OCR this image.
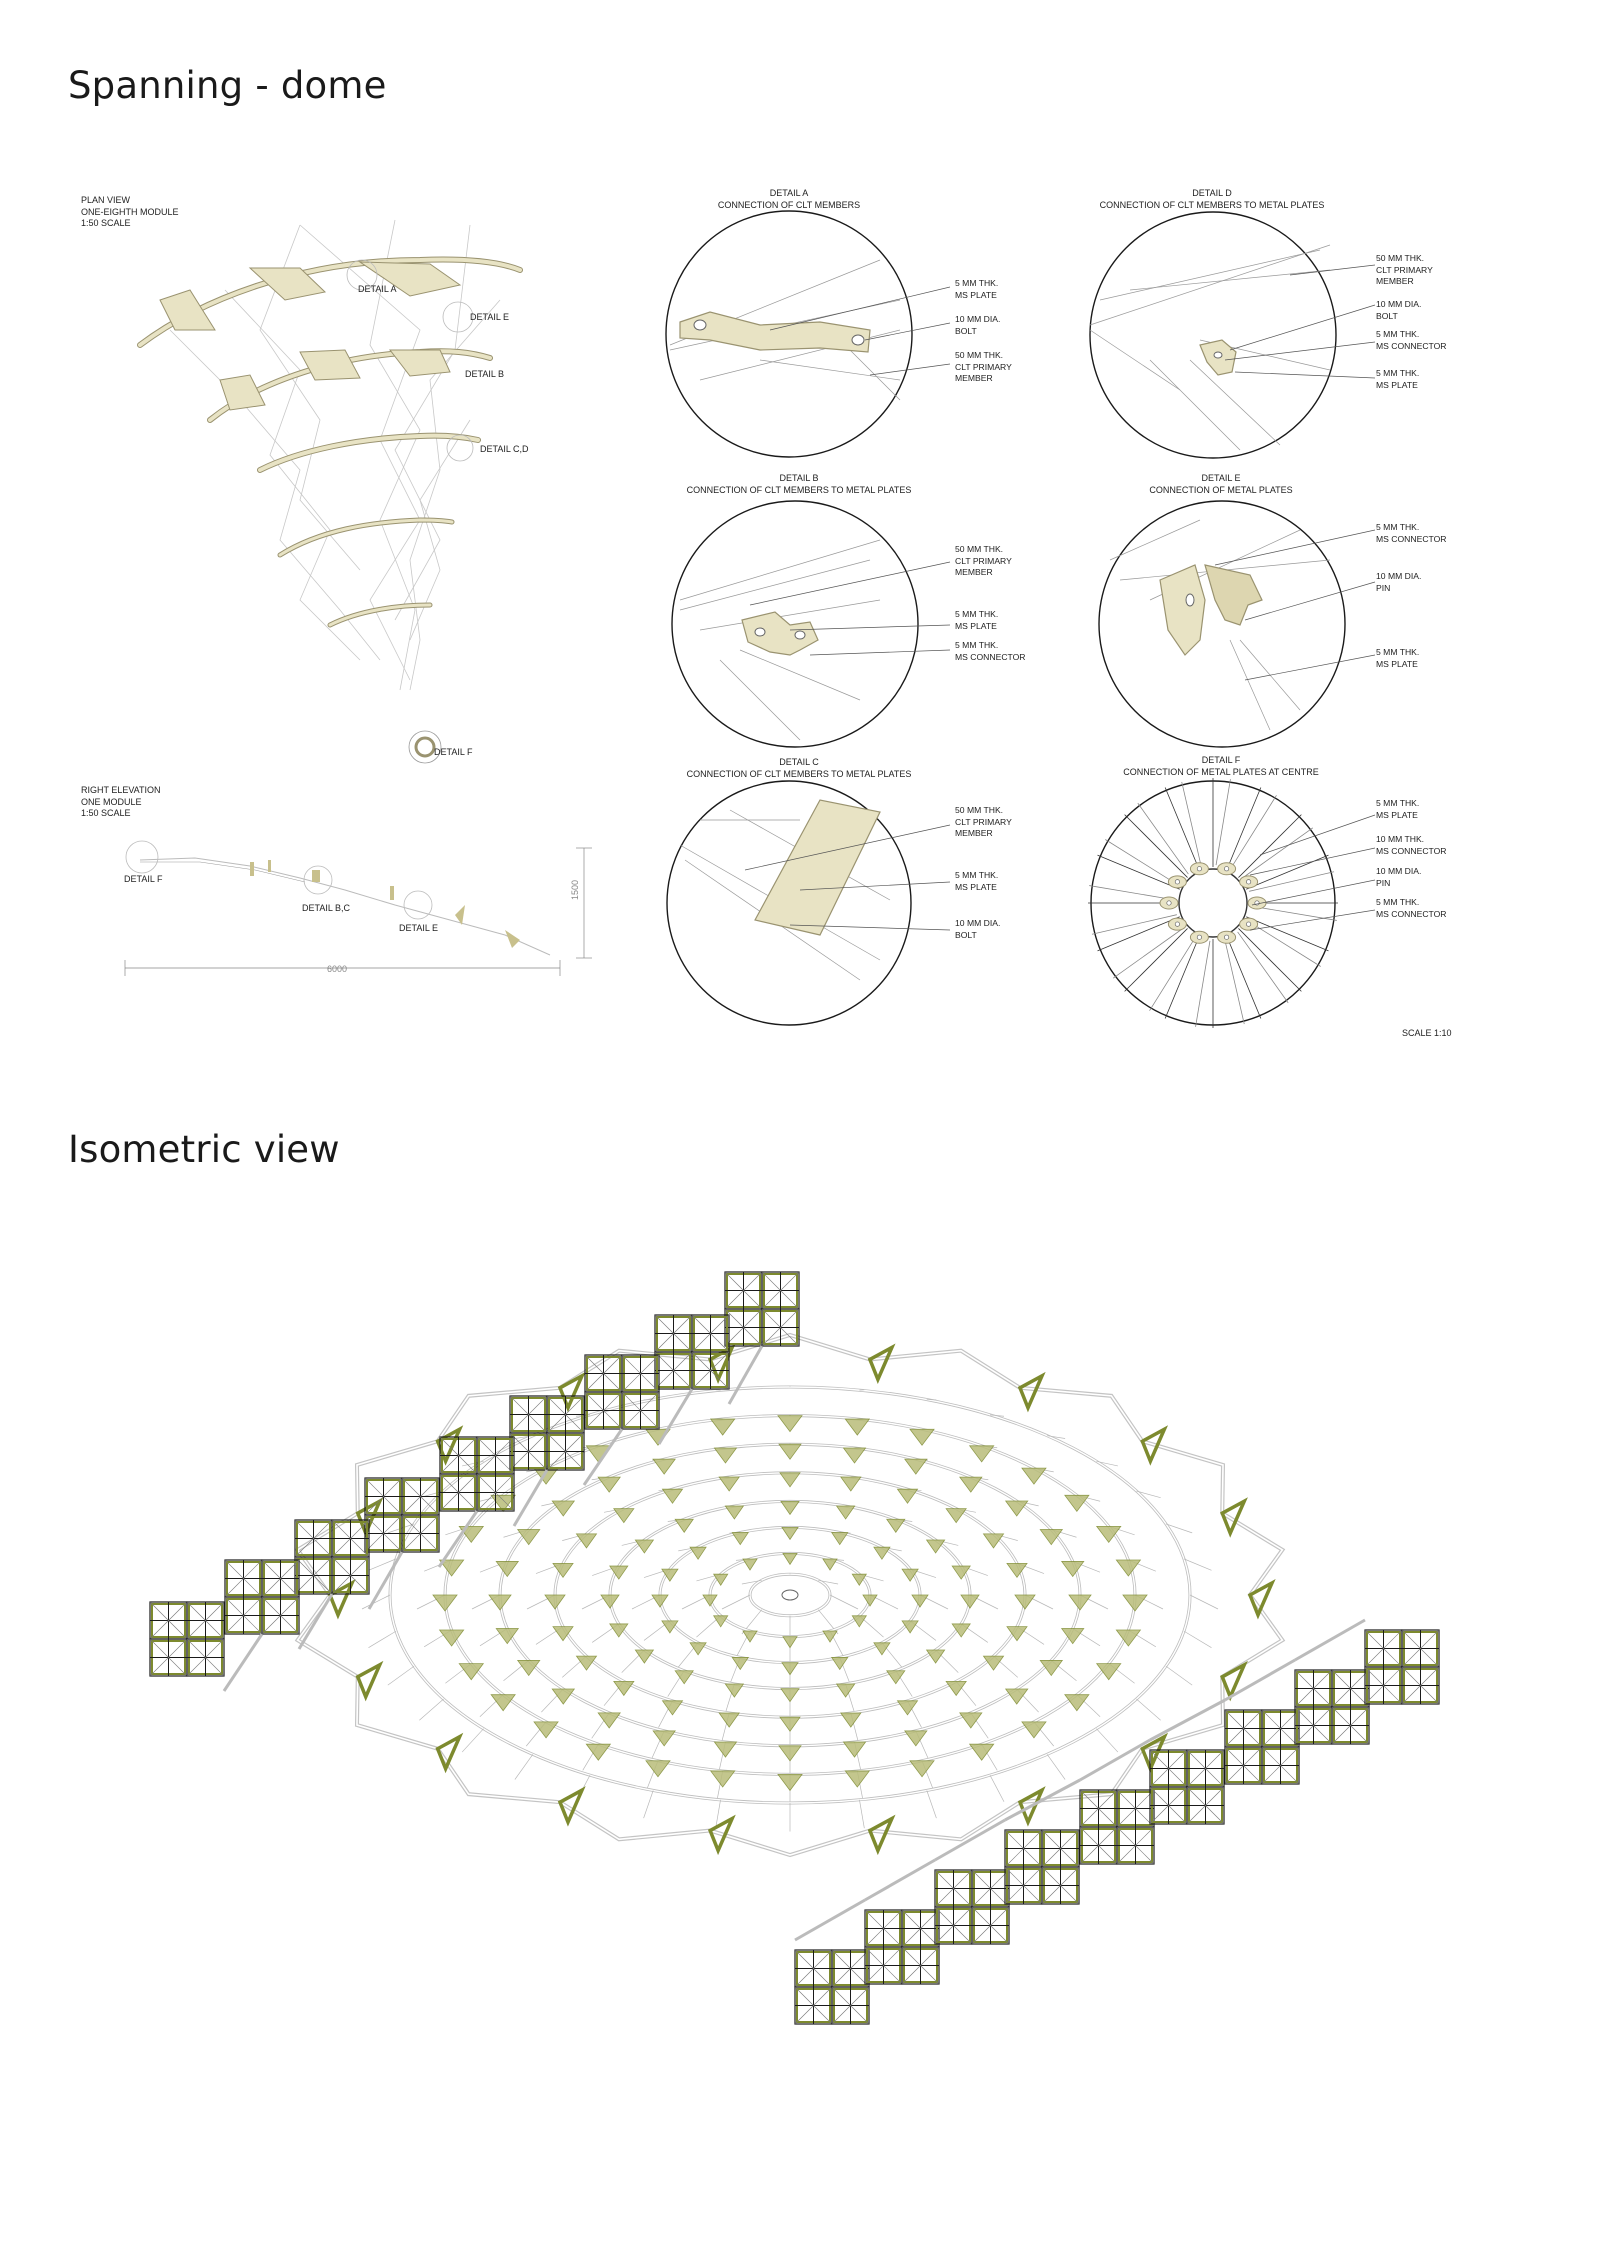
Spanning - dome
Isometric view
PLAN VIEW
ONE-EIGHTH MODULE
1:50 SCALE
DETAIL A
DETAIL E
DETAIL B
DETAIL C,D
DETAIL F
RIGHT ELEVATION
ONE MODULE
1:50 SCALE
DETAIL F
DETAIL B,C
DETAIL E
6000
1500
DETAIL A
CONNECTION OF CLT MEMBERS
DETAIL D
CONNECTION OF CLT MEMBERS TO METAL PLATES
DETAIL B
CONNECTION OF CLT MEMBERS TO METAL PLATES
DETAIL E
CONNECTION OF METAL PLATES
DETAIL C
CONNECTION OF CLT MEMBERS TO METAL PLATES
DETAIL F
CONNECTION OF METAL PLATES AT CENTRE
5 MM THK.
MS PLATE
10 MM DIA.
BOLT
50 MM THK.
CLT PRIMARY
MEMBER
50 MM THK.
CLT PRIMARY
MEMBER
10 MM DIA.
BOLT
5 MM THK.
MS CONNECTOR
5 MM THK.
MS PLATE
50 MM THK.
CLT PRIMARY
MEMBER
5 MM THK.
MS PLATE
5 MM THK.
MS CONNECTOR
5 MM THK.
MS CONNECTOR
10 MM DIA.
PIN
5 MM THK.
MS PLATE
50 MM THK.
CLT PRIMARY
MEMBER
5 MM THK.
MS PLATE
10 MM DIA.
BOLT
5 MM THK.
MS PLATE
10 MM THK.
MS CONNECTOR
10 MM DIA.
PIN
5 MM THK.
MS CONNECTOR
SCALE 1:10
